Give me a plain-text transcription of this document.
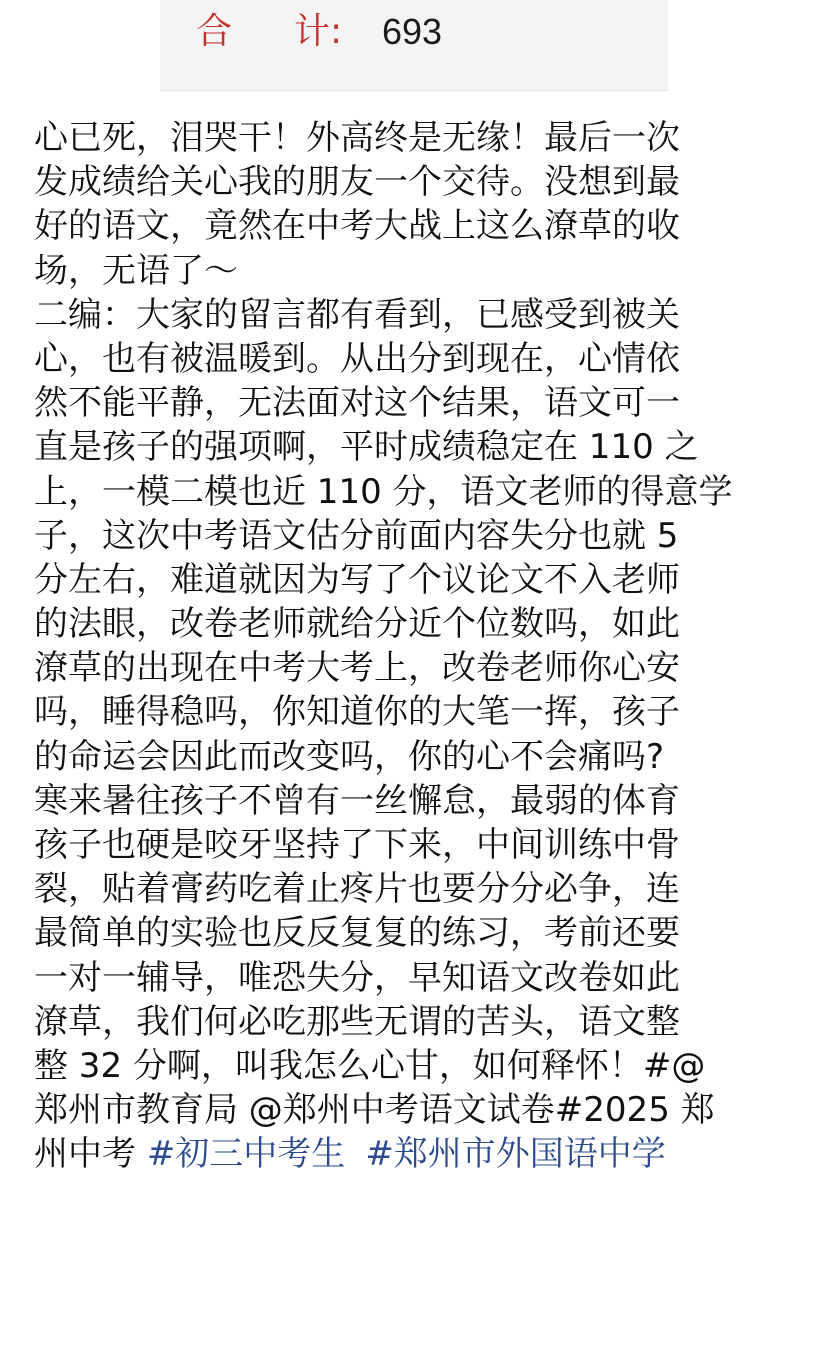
合 计: 693
心已死，泪哭干！外高终是无缘！最后一次
发成绩给关心我的朋友一个交待。没想到最
好的语文，竟然在中考大战上这么潦草的收
场，无语了～
二编：大家的留言都有看到，已感受到被关
心，也有被温暖到。从出分到现在，心情依
然不能平静，无法面对这个结果，语文可一
直是孩子的强项啊，平时成绩稳定在 110 之
上，一模二模也近 110 分，语文老师的得意学
子，这次中考语文估分前面内容失分也就 5
分左右，难道就因为写了个议论文不入老师
的法眼，改卷老师就给分近个位数吗，如此
潦草的出现在中考大考上，改卷老师你心安
吗，睡得稳吗，你知道你的大笔一挥，孩子
的命运会因此而改变吗，你的心不会痛吗?
寒来暑往孩子不曾有一丝懈怠，最弱的体育
孩子也硬是咬牙坚持了下来，中间训练中骨
裂，贴着膏药吃着止疼片也要分分必争，连
最简单的实验也反反复复的练习，考前还要
一对一辅导，唯恐失分，早知语文改卷如此
潦草，我们何必吃那些无谓的苦头，语文整
整 32 分啊，叫我怎么心甘，如何释怀！#@
郑州市教育局 @郑州中考语文试卷#2025 郑
州中考 #初三中考生 #郑州市外国语中学
